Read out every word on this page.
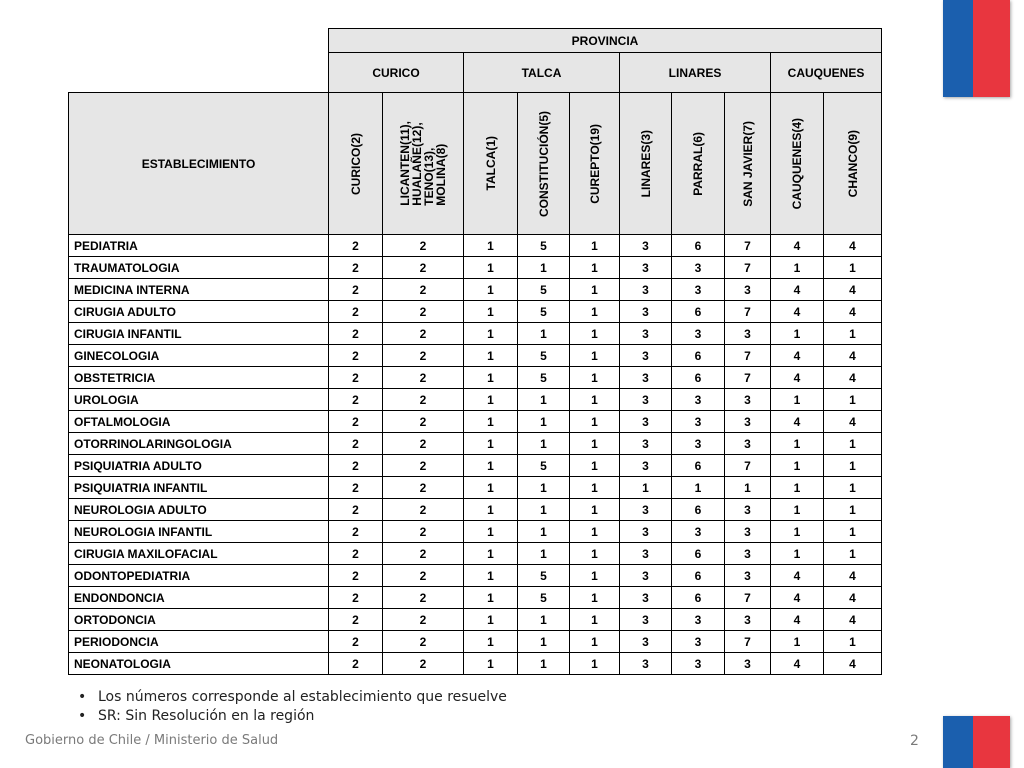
	PROVINCIA									
	CURICO		TALCA			LINARES			CAUQUENES	
ESTABLECIMIENTO	CURICO(2)	LICANTEN(11),
HUALAÑE(12),
TENO(13),
MOLINA(8)	TALCA(1)	CONSTITUCIÓN(5)	CUREPTO(19)	LINARES(3)	PARRAL(6)	SAN JAVIER(7)	CAUQUENES(4)	CHANCO(9)

PEDIATRIA	2	2	1	5	1	3	6	7	4	4
TRAUMATOLOGIA	2	2	1	1	1	3	3	7	1	1
MEDICINA INTERNA	2	2	1	5	1	3	3	3	4	4
CIRUGIA ADULTO	2	2	1	5	1	3	6	7	4	4
CIRUGIA INFANTIL	2	2	1	1	1	3	3	3	1	1
GINECOLOGIA	2	2	1	5	1	3	6	7	4	4
OBSTETRICIA	2	2	1	5	1	3	6	7	4	4
UROLOGIA	2	2	1	1	1	3	3	3	1	1
OFTALMOLOGIA	2	2	1	1	1	3	3	3	4	4
OTORRINOLARINGOLOGIA	2	2	1	1	1	3	3	3	1	1
PSIQUIATRIA ADULTO	2	2	1	5	1	3	6	7	1	1
PSIQUIATRIA INFANTIL	2	2	1	1	1	1	1	1	1	1
NEUROLOGIA ADULTO	2	2	1	1	1	3	6	3	1	1
NEUROLOGIA INFANTIL	2	2	1	1	1	3	3	3	1	1
CIRUGIA MAXILOFACIAL	2	2	1	1	1	3	6	3	1	1
ODONTOPEDIATRIA	2	2	1	5	1	3	6	3	4	4
ENDONDONCIA	2	2	1	5	1	3	6	7	4	4
ORTODONCIA	2	2	1	1	1	3	3	3	4	4
PERIODONCIA	2	2	1	1	1	3	3	7	1	1
NEONATOLOGIA	2	2	1	1	1	3	3	3	4	4
• Los números corresponde al establecimiento que resuelve
• SR: Sin Resolución en la región
Gobierno de Chile / Ministerio de Salud	2
